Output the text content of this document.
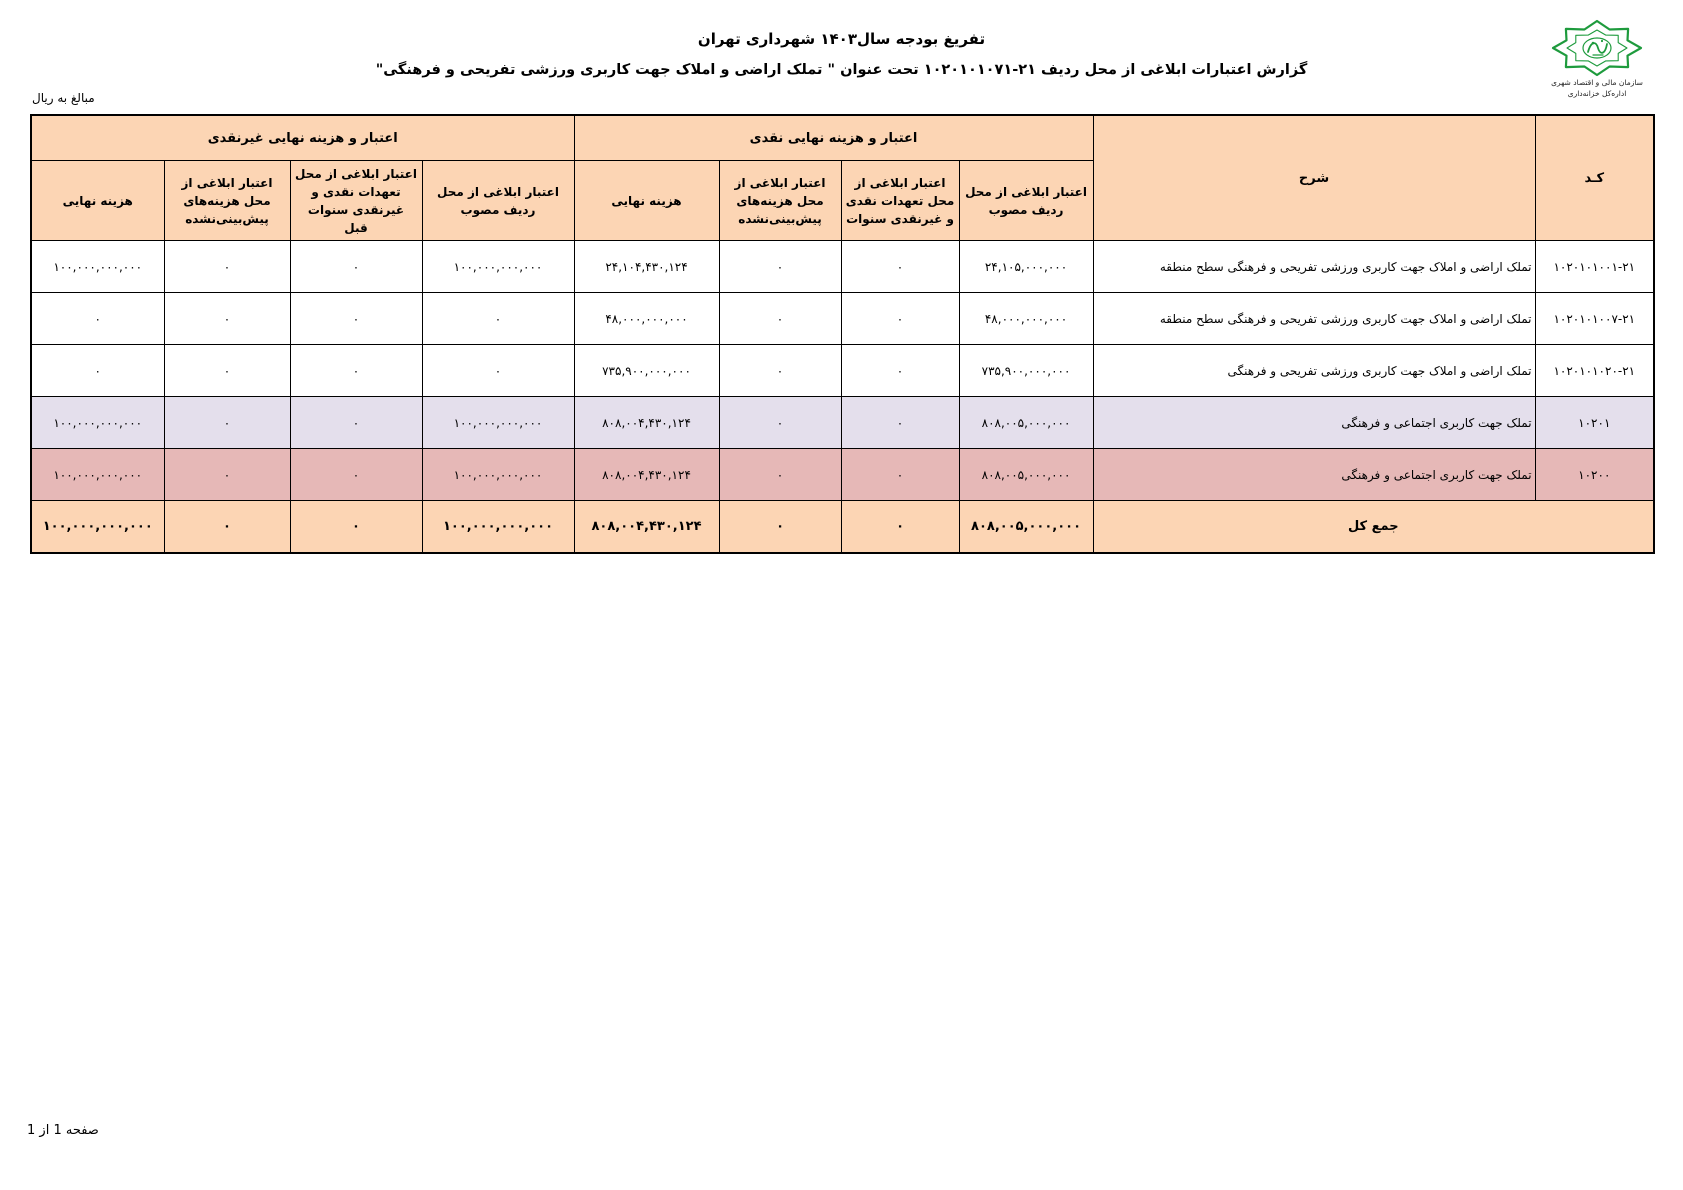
تفریغ بودجه سال۱۴۰۳ شهرداری تهران
گزارش اعتبارات ابلاغی از محل ردیف ۲۱-۱۰۲۰۱۰۱۰۷۱ تحت عنوان " تملک اراضی و املاک جهت کاربری ورزشی تفریحی و فرهنگی"
مبالغ به ریال
سازمان مالی و اقتصاد شهری
اداره‌کل خزانه‌داری
کـد	شرح	اعتبار و هزینه نهایی نقدی				اعتبار و هزینه نهایی غیرنقدی			
		اعتبار ابلاغی از محل ردیف مصوب	اعتبار ابلاغی از محل تعهدات نقدی و غیرنقدی سنوات	اعتبار ابلاغی از محل هزینه‌های پیش‌بینی‌نشده	هزینه نهایی	اعتبار ابلاغی از محل ردیف مصوب	اعتبار ابلاغی از محل تعهدات نقدی و غیرنقدی سنوات قبل	اعتبار ابلاغی از محل هزینه‌های پیش‌بینی‌نشده	هزینه نهایی
۲۱-۱۰۲۰۱۰۱۰۰۱	تملک اراضی و املاک جهت کاربری ورزشی تفریحی و فرهنگی سطح منطقه	۲۴,۱۰۵,۰۰۰,۰۰۰	۰	۰	۲۴,۱۰۴,۴۳۰,۱۲۴	۱۰۰,۰۰۰,۰۰۰,۰۰۰	۰	۰	۱۰۰,۰۰۰,۰۰۰,۰۰۰
۲۱-۱۰۲۰۱۰۱۰۰۷	تملک اراضی و املاک جهت کاربری ورزشی تفریحی و فرهنگی سطح منطقه	۴۸,۰۰۰,۰۰۰,۰۰۰	۰	۰	۴۸,۰۰۰,۰۰۰,۰۰۰	۰	۰	۰	۰
۲۱-۱۰۲۰۱۰۱۰۲۰	تملک اراضی و املاک جهت کاربری ورزشی تفریحی و فرهنگی	۷۳۵,۹۰۰,۰۰۰,۰۰۰	۰	۰	۷۳۵,۹۰۰,۰۰۰,۰۰۰	۰	۰	۰	۰
۱۰۲۰۱	تملک جهت کاربری اجتماعی و فرهنگی	۸۰۸,۰۰۵,۰۰۰,۰۰۰	۰	۰	۸۰۸,۰۰۴,۴۳۰,۱۲۴	۱۰۰,۰۰۰,۰۰۰,۰۰۰	۰	۰	۱۰۰,۰۰۰,۰۰۰,۰۰۰
۱۰۲۰۰	تملک جهت کاربری اجتماعی و فرهنگی	۸۰۸,۰۰۵,۰۰۰,۰۰۰	۰	۰	۸۰۸,۰۰۴,۴۳۰,۱۲۴	۱۰۰,۰۰۰,۰۰۰,۰۰۰	۰	۰	۱۰۰,۰۰۰,۰۰۰,۰۰۰
جمع کل		۸۰۸,۰۰۵,۰۰۰,۰۰۰	۰	۰	۸۰۸,۰۰۴,۴۳۰,۱۲۴	۱۰۰,۰۰۰,۰۰۰,۰۰۰	۰	۰	۱۰۰,۰۰۰,۰۰۰,۰۰۰
صفحه 1 از 1
